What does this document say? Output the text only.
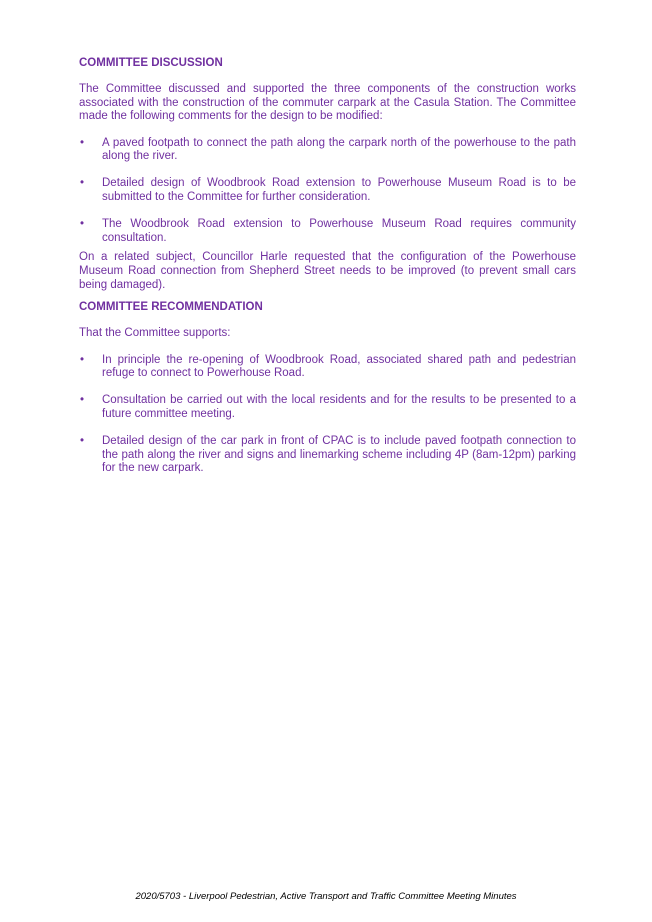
COMMITTEE DISCUSSION
The Committee discussed and supported the three components of the construction works associated with the construction of the commuter carpark at the Casula Station. The Committee made the following comments for the design to be modified:
•	A paved footpath to connect the path along the carpark north of the powerhouse to the path along the river.
•	Detailed design of Woodbrook Road extension to Powerhouse Museum Road is to be submitted to the Committee for further consideration.
•	The Woodbrook Road extension to Powerhouse Museum Road requires community consultation.
On a related subject, Councillor Harle requested that the configuration of the Powerhouse Museum Road connection from Shepherd Street needs to be improved (to prevent small cars being damaged).
COMMITTEE RECOMMENDATION
That the Committee supports:
•	In principle the re-opening of Woodbrook Road, associated shared path and pedestrian refuge to connect to Powerhouse Road.
•	Consultation be carried out with the local residents and for the results to be presented to a future committee meeting.
•	Detailed design of the car park in front of CPAC is to include paved footpath connection to the path along the river and signs and linemarking scheme including 4P (8am-12pm) parking for the new carpark.
2020/5703 - Liverpool Pedestrian, Active Transport and Traffic Committee Meeting Minutes
